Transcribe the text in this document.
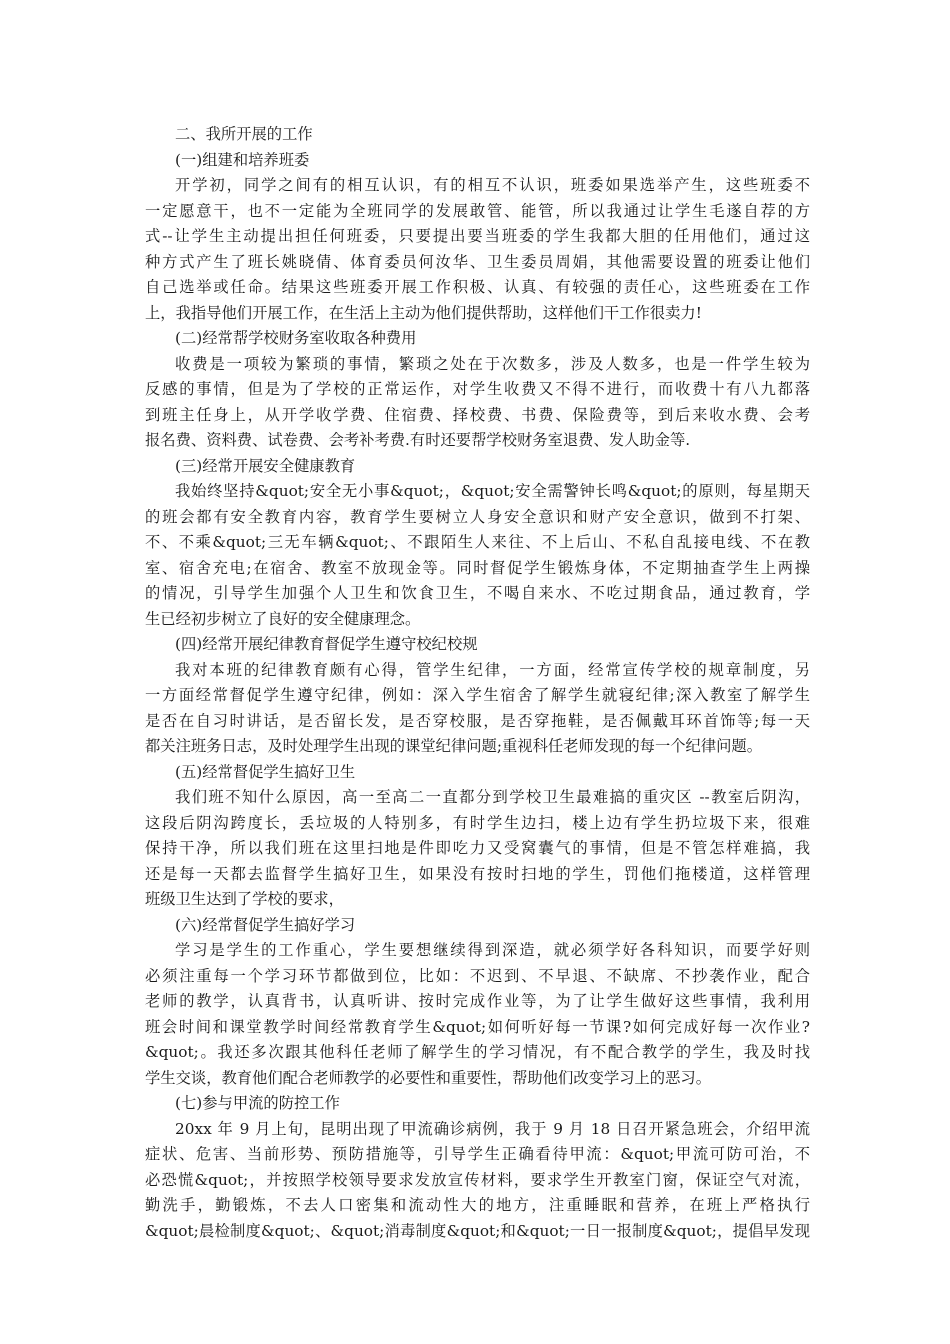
二、我所开展的工作
(一)组建和培养班委
开学初，同学之间有的相互认识，有的相互不认识，班委如果选举产生，这些班委不
一定愿意干，也不一定能为全班同学的发展敢管、能管，所以我通过让学生毛遂自荐的方
式--让学生主动提出担任何班委，只要提出要当班委的学生我都大胆的任用他们，通过这
种方式产生了班长姚晓倩、体育委员何汝华、卫生委员周娟，其他需要设置的班委让他们
自己选举或任命。结果这些班委开展工作积极、认真、有较强的责任心，这些班委在工作
上，我指导他们开展工作，在生活上主动为他们提供帮助，这样他们干工作很卖力!
(二)经常帮学校财务室收取各种费用
收费是一项较为繁琐的事情，繁琐之处在于次数多，涉及人数多，也是一件学生较为
反感的事情，但是为了学校的正常运作，对学生收费又不得不进行，而收费十有八九都落
到班主任身上，从开学收学费、住宿费、择校费、书费、保险费等，到后来收水费、会考
报名费、资料费、试卷费、会考补考费.有时还要帮学校财务室退费、发人助金等.
(三)经常开展安全健康教育
我始终坚持&quot;安全无小事&quot;，&quot;安全需警钟长鸣&quot;的原则，每星期天
的班会都有安全教育内容，教育学生要树立人身安全意识和财产安全意识，做到不打架、
不、不乘&quot;三无车辆&quot;、不跟陌生人来往、不上后山、不私自乱接电线、不在教
室、宿舍充电;在宿舍、教室不放现金等。同时督促学生锻炼身体，不定期抽查学生上两操
的情况，引导学生加强个人卫生和饮食卫生，不喝自来水、不吃过期食品，通过教育，学
生已经初步树立了良好的安全健康理念。
(四)经常开展纪律教育督促学生遵守校纪校规
我对本班的纪律教育颇有心得，管学生纪律，一方面，经常宣传学校的规章制度，另
一方面经常督促学生遵守纪律，例如：深入学生宿舍了解学生就寝纪律;深入教室了解学生
是否在自习时讲话，是否留长发，是否穿校服，是否穿拖鞋，是否佩戴耳环首饰等;每一天
都关注班务日志，及时处理学生出现的课堂纪律问题;重视科任老师发现的每一个纪律问题。
(五)经常督促学生搞好卫生
我们班不知什么原因，高一至高二一直都分到学校卫生最难搞的重灾区 --教室后阴沟，
这段后阴沟跨度长，丢垃圾的人特别多，有时学生边扫，楼上边有学生扔垃圾下来，很难
保持干净，所以我们班在这里扫地是件即吃力又受窝囊气的事情，但是不管怎样难搞，我
还是每一天都去监督学生搞好卫生，如果没有按时扫地的学生，罚他们拖楼道，这样管理
班级卫生达到了学校的要求，
(六)经常督促学生搞好学习
学习是学生的工作重心，学生要想继续得到深造，就必须学好各科知识，而要学好则
必须注重每一个学习环节都做到位，比如：不迟到、不早退、不缺席、不抄袭作业，配合
老师的教学，认真背书，认真听讲、按时完成作业等，为了让学生做好这些事情，我利用
班会时间和课堂教学时间经常教育学生&quot;如何听好每一节课?如何完成好每一次作业?
&quot;。我还多次跟其他科任老师了解学生的学习情况，有不配合教学的学生，我及时找
学生交谈，教育他们配合老师教学的必要性和重要性，帮助他们改变学习上的恶习。
(七)参与甲流的防控工作
20xx 年 9 月上旬，昆明出现了甲流确诊病例，我于 9 月 18 日召开紧急班会，介绍甲流
症状、危害、当前形势、预防措施等，引导学生正确看待甲流：&quot;甲流可防可治，不
必恐慌&quot;，并按照学校领导要求发放宣传材料，要求学生开教室门窗，保证空气对流，
勤洗手，勤锻炼，不去人口密集和流动性大的地方，注重睡眠和营养，在班上严格执行
&quot;晨检制度&quot;、&quot;消毒制度&quot;和&quot;一日一报制度&quot;，提倡早发现
